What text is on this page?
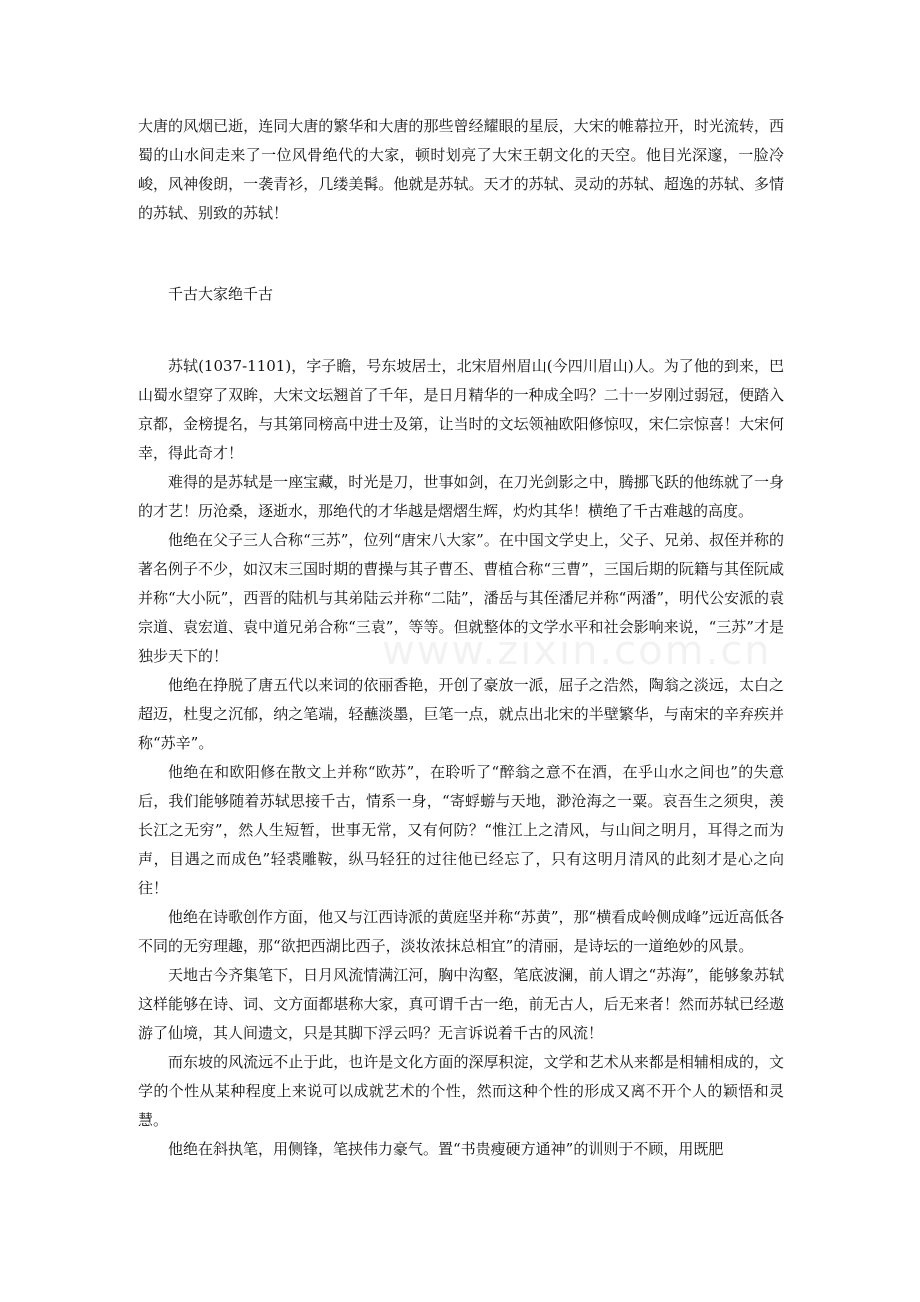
www.zixin.com.cn

大唐的风烟已逝，连同大唐的繁华和大唐的那些曾经耀眼的星辰，大宋的帷幕拉开，时光流转，西蜀的山水间走来了一位风骨绝代的大家，顿时划亮了大宋王朝文化的天空。他目光深邃，一脸冷峻，风神俊朗，一袭青衫，几缕美髯。他就是苏轼。天才的苏轼、灵动的苏轼、超逸的苏轼、多情的苏轼、别致的苏轼！

千古大家绝千古

苏轼(1037-1101)，字子瞻，号东坡居士，北宋眉州眉山(今四川眉山)人。为了他的到来，巴山蜀水望穿了双眸，大宋文坛翘首了千年，是日月精华的一种成全吗？二十一岁刚过弱冠，便踏入京都，金榜提名，与其第同榜高中进士及第，让当时的文坛领袖欧阳修惊叹，宋仁宗惊喜！大宋何幸，得此奇才！

难得的是苏轼是一座宝藏，时光是刀，世事如剑，在刀光剑影之中，腾挪飞跃的他练就了一身的才艺！历沧桑，逐逝水，那绝代的才华越是熠熠生辉，灼灼其华！横绝了千古难越的高度。

他绝在父子三人合称“三苏”，位列“唐宋八大家”。在中国文学史上，父子、兄弟、叔侄并称的著名例子不少，如汉末三国时期的曹操与其子曹丕、曹植合称“三曹”，三国后期的阮籍与其侄阮咸并称“大小阮”，西晋的陆机与其弟陆云并称“二陆”，潘岳与其侄潘尼并称“两潘”，明代公安派的袁宗道、袁宏道、袁中道兄弟合称“三袁”，等等。但就整体的文学水平和社会影响来说，“三苏”才是独步天下的！

他绝在挣脱了唐五代以来词的依丽香艳，开创了豪放一派，屈子之浩然，陶翁之淡远，太白之超迈，杜叟之沉郁，纳之笔端，轻蘸淡墨，巨笔一点，就点出北宋的半壁繁华，与南宋的辛弃疾并称“苏辛”。

他绝在和欧阳修在散文上并称“欧苏”，在聆听了“醉翁之意不在酒，在乎山水之间也”的失意后，我们能够随着苏轼思接千古，情系一身，“寄蜉蝣与天地，渺沧海之一粟。哀吾生之须臾，羡长江之无穷”，然人生短暂，世事无常，又有何防？“惟江上之清风，与山间之明月，耳得之而为声，目遇之而成色”轻裘雕鞍，纵马轻狂的过往他已经忘了，只有这明月清风的此刻才是心之向往！

他绝在诗歌创作方面，他又与江西诗派的黄庭坚并称“苏黄”，那“横看成岭侧成峰”远近高低各不同的无穷理趣，那“欲把西湖比西子，淡妆浓抹总相宜”的清丽，是诗坛的一道绝妙的风景。

天地古今齐集笔下，日月风流情满江河，胸中沟壑，笔底波澜，前人谓之“苏海”，能够象苏轼这样能够在诗、词、文方面都堪称大家，真可谓千古一绝，前无古人，后无来者！然而苏轼已经遨游了仙境，其人间遗文，只是其脚下浮云吗？无言诉说着千古的风流！

而东坡的风流远不止于此，也许是文化方面的深厚积淀，文学和艺术从来都是相辅相成的，文学的个性从某种程度上来说可以成就艺术的个性，然而这种个性的形成又离不开个人的颖悟和灵慧。

他绝在斜执笔，用侧锋，笔挟伟力豪气。置“书贵瘦硬方通神”的训则于不顾，用既肥
